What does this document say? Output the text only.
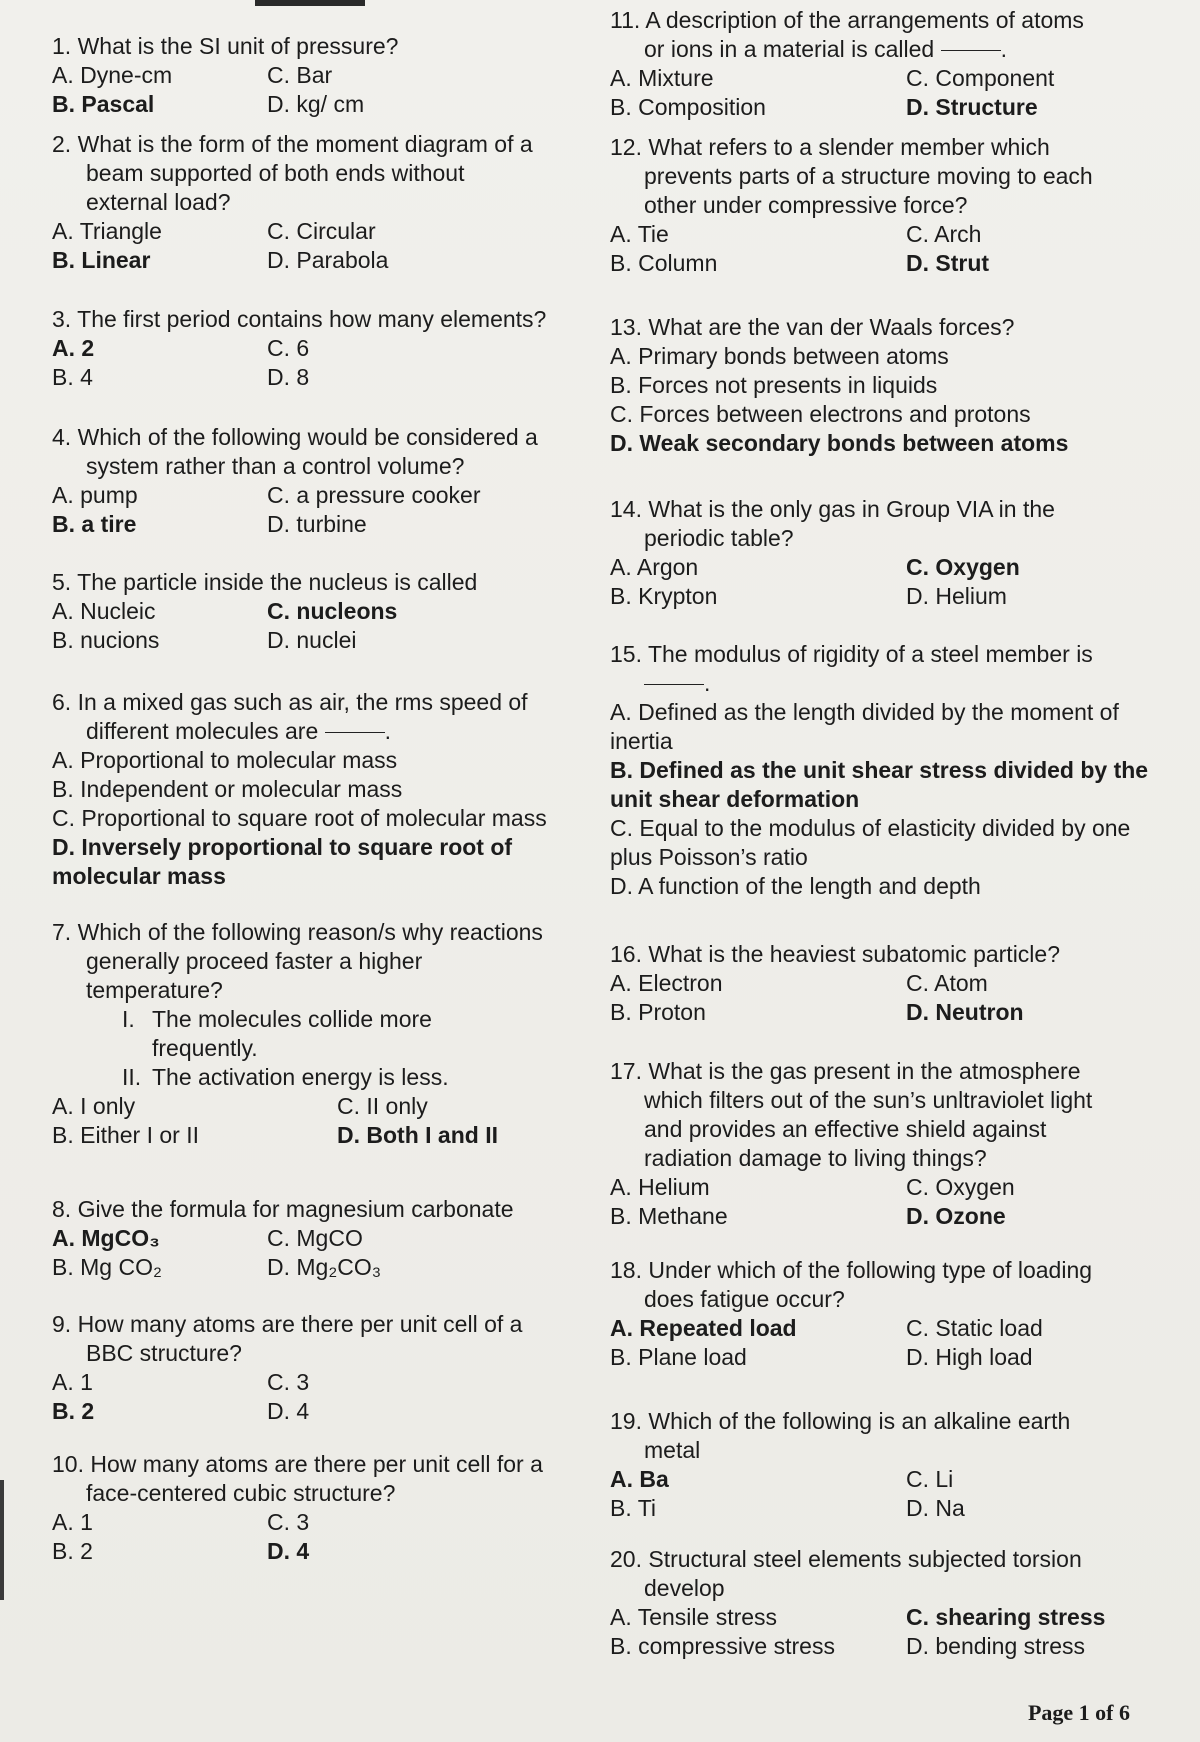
1. What is the SI unit of pressure?
A. Dyne-cm	C. Bar
B. Pascal	D. kg/ cm
2. What is the form of the moment diagram of a
beam supported of both ends without
external load?
A. Triangle	C. Circular
B. Linear	D. Parabola
3. The first period contains how many elements?
A. 2	C. 6
B. 4	D. 8
4. Which of the following would be considered a
system rather than a control volume?
A. pump	C. a pressure cooker
B. a tire	D. turbine
5. The particle inside the nucleus is called
A. Nucleic	C. nucleons
B. nucions	D. nuclei
6. In a mixed gas such as air, the rms speed of
different molecules are	.
A. Proportional to molecular mass
B. Independent or molecular mass
C. Proportional to square root of molecular mass
D. Inversely proportional to square root of molecular mass
7. Which of the following reason/s why reactions
generally proceed faster a higher
temperature?
I. The molecules collide more
frequently.
II. The activation energy is less.
A. I only	C. II only
B. Either I or II	D. Both I and II
8. Give the formula for magnesium carbonate
A. MgCO₃	C. MgCO
B. Mg CO₂	D. Mg₂CO₃
9. How many atoms are there per unit cell of a
BBC structure?
A. 1	C. 3
B. 2	D. 4
10. How many atoms are there per unit cell for a
face-centered cubic structure?
A. 1	C. 3
B. 2	D. 4
11. A description of the arrangements of atoms
or ions in a material is called	.
A. Mixture	C. Component
B. Composition	D. Structure
12. What refers to a slender member which
prevents parts of a structure moving to each
other under compressive force?
A. Tie	C. Arch
B. Column	D. Strut
13. What are the van der Waals forces?
A. Primary bonds between atoms
B. Forces not presents in liquids
C. Forces between electrons and protons
D. Weak secondary bonds between atoms
14. What is the only gas in Group VIA in the
periodic table?
A. Argon	C. Oxygen
B. Krypton	D. Helium
15. The modulus of rigidity of a steel member is
.
A. Defined as the length divided by the moment of inertia
B. Defined as the unit shear stress divided by the unit shear deformation
C. Equal to the modulus of elasticity divided by one plus Poisson’s ratio
D. A function of the length and depth
16. What is the heaviest subatomic particle?
A. Electron	C. Atom
B. Proton	D. Neutron
17. What is the gas present in the atmosphere
which filters out of the sun’s unltraviolet light
and provides an effective shield against
radiation damage to living things?
A. Helium	C. Oxygen
B. Methane	D. Ozone
18. Under which of the following type of loading
does fatigue occur?
A. Repeated load	C. Static load
B. Plane load	D. High load
19. Which of the following is an alkaline earth
metal
A. Ba	C. Li
B. Ti	D. Na
20. Structural steel elements subjected torsion
develop
A. Tensile stress	C. shearing stress
B. compressive stress	D. bending stress
Page 1 of 6
